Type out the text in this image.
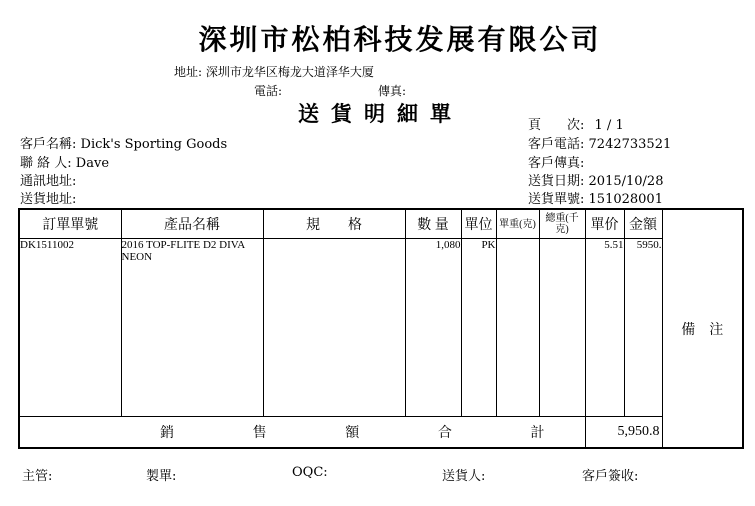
深圳市松柏科技发展有限公司
地址: 深圳市龙华区梅龙大道泽华大厦
電話:	傳真:
送貨明細單	頁　　次: 1 / 1
客戶名稱: Dick's Sporting Goods
聯 絡 人: Dave
通訊地址:
送貨地址:
客戶電話: 7242733521
客戶傳真:
送貨日期: 2015/10/28
送貨單號: 151028001
訂單單號	產品名稱	規　　格	數 量	單位	單重(克)	總重(千克)	單价	金額	備　注
DK1511002	2016 TOP-FLITE D2 DIVA NEON		1,080	PK			5.51	5950.	

銷 售 額 合 計							5,950.8		
主管:	製單:	OQC:	送貨人:	客戶簽收:
